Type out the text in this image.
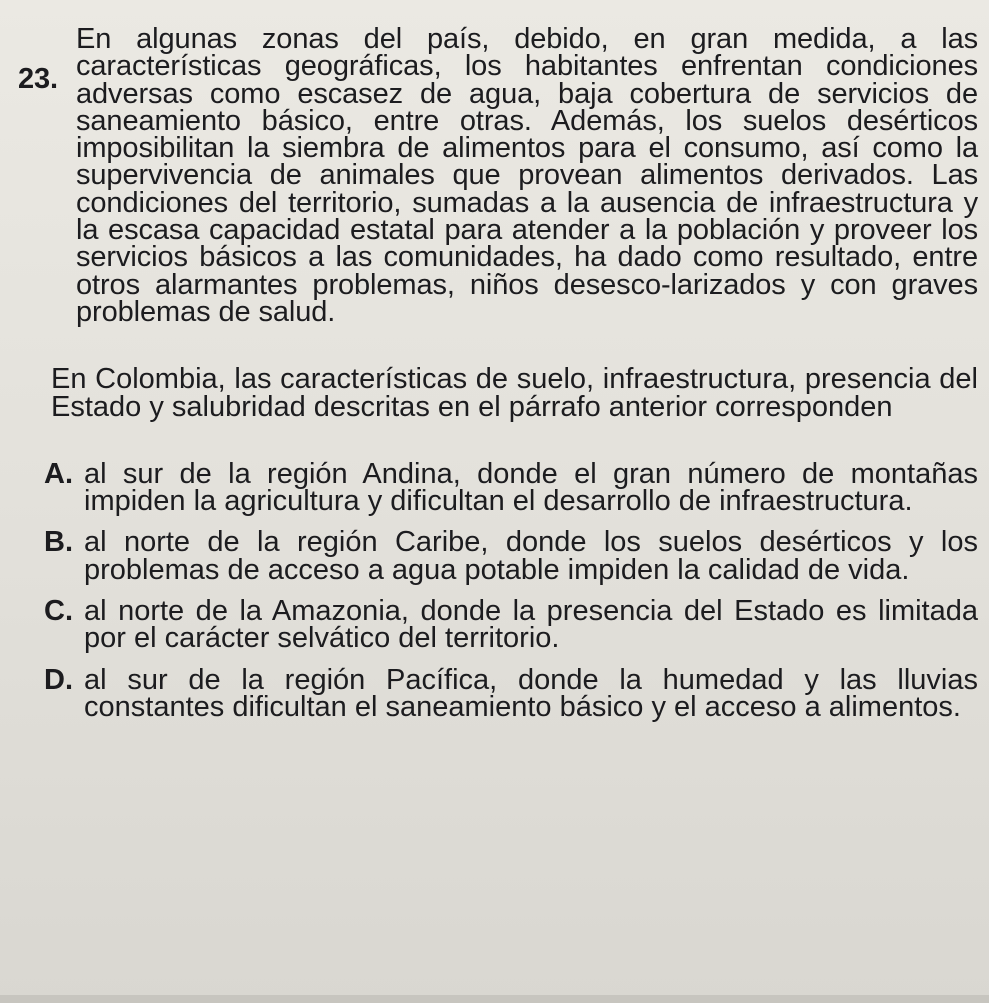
23.

En algunas zonas del país, debido, en gran medida, a las características geográficas, los habitantes enfrentan condiciones adversas como escasez de agua, baja cobertura de servicios de saneamiento básico, entre otras. Además, los suelos desérticos imposibilitan la siembra de alimentos para el consumo, así como la supervivencia de animales que provean alimentos derivados. Las condiciones del territorio, sumadas a la ausencia de infraestructura y la escasa capacidad estatal para atender a la población y proveer los servicios básicos a las comunidades, ha dado como resultado, entre otros alarmantes problemas, niños desesco-larizados y con graves problemas de salud.

En Colombia, las características de suelo, infraestructura, presencia del Estado y salubridad descritas en el párrafo anterior corresponden

A. al sur de la región Andina, donde el gran número de montañas impiden la agricultura y dificultan el desarrollo de infraestructura.
B. al norte de la región Caribe, donde los suelos desérticos y los problemas de acceso a agua potable impiden la calidad de vida.
C. al norte de la Amazonia, donde la presencia del Estado es limitada por el carácter selvático del territorio.
D. al sur de la región Pacífica, donde la humedad y las lluvias constantes dificultan el saneamiento básico y el acceso a alimentos.
